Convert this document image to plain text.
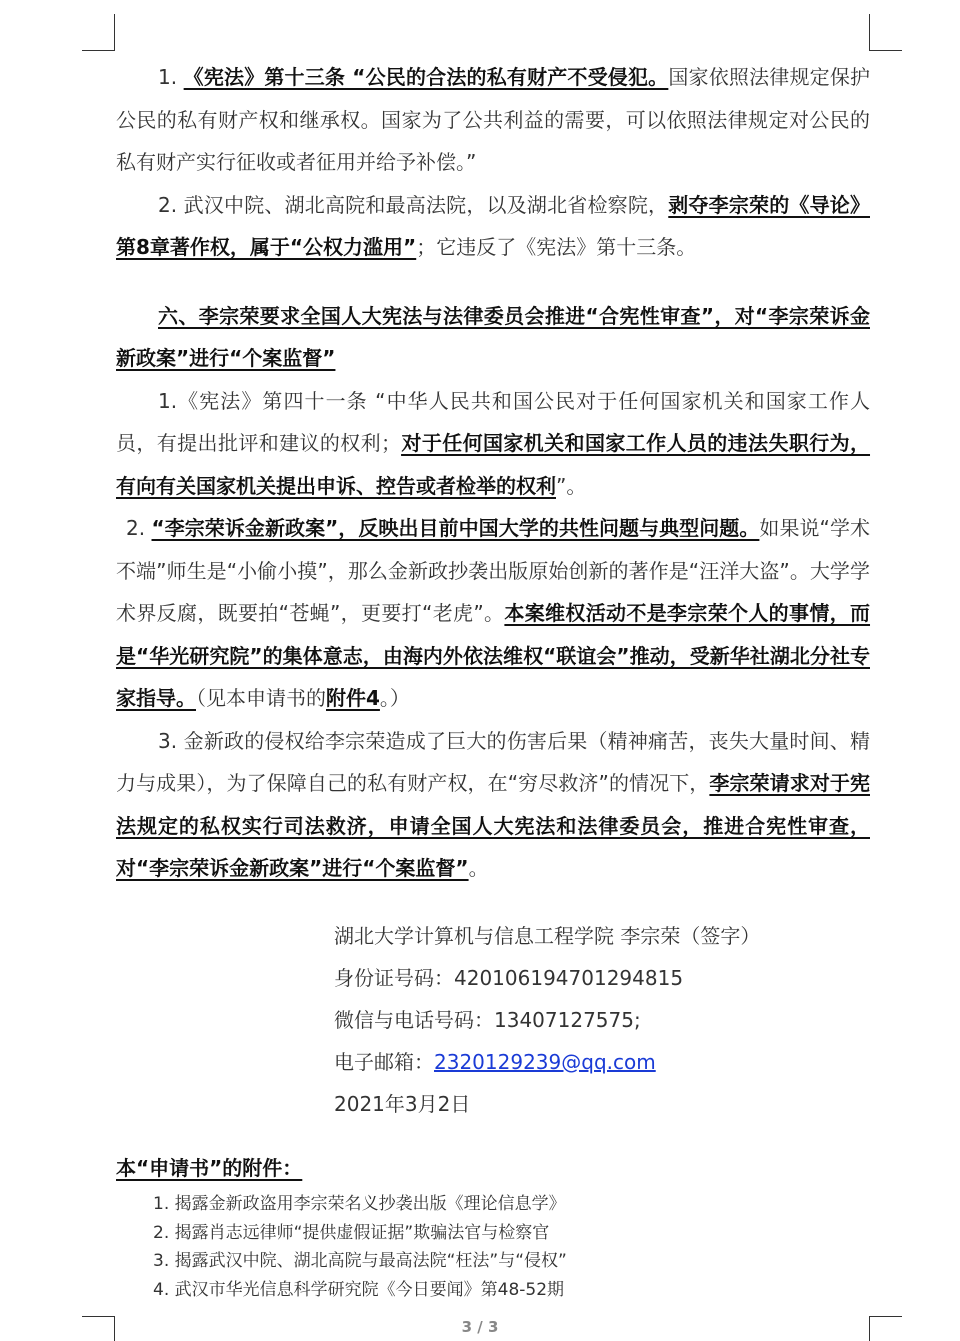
1. 《宪法》第十三条 “公民的合法的私有财产不受侵犯。国家依照法律规定保护公民的私有财产权和继承权。国家为了公共利益的需要，可以依照法律规定对公民的私有财产实行征收或者征用并给予补偿。”

2. 武汉中院、湖北高院和最高法院，以及湖北省检察院，剥夺李宗荣的《导论》第8章著作权，属于“公权力滥用”；它违反了《宪法》第十三条。

六、李宗荣要求全国人大宪法与法律委员会推进“合宪性审查”，对“李宗荣诉金新政案”进行“个案监督”

1.《宪法》第四十一条 “中华人民共和国公民对于任何国家机关和国家工作人员，有提出批评和建议的权利；对于任何国家机关和国家工作人员的违法失职行为，有向有关国家机关提出申诉、控告或者检举的权利”。

2. “李宗荣诉金新政案”，反映出目前中国大学的共性问题与典型问题。如果说“学术不端”师生是“小偷小摸”，那么金新政抄袭出版原始创新的著作是“汪洋大盗”。大学学术界反腐，既要拍“苍蝇”，更要打“老虎”。本案维权活动不是李宗荣个人的事情，而是“华光研究院”的集体意志，由海内外依法维权“联谊会”推动，受新华社湖北分社专家指导。（见本申请书的附件4。）

3. 金新政的侵权给李宗荣造成了巨大的伤害后果（精神痛苦，丧失大量时间、精力与成果），为了保障自己的私有财产权，在“穷尽救济”的情况下，李宗荣请求对于宪法规定的私权实行司法救济，申请全国人大宪法和法律委员会，推进合宪性审查，对“李宗荣诉金新政案”进行“个案监督”。

湖北大学计算机与信息工程学院 李宗荣（签字）

身份证号码：420106194701294815

微信与电话号码：13407127575;

电子邮箱：2320129239@qq.com

2021年3月2日

本“申请书”的附件：
1. 揭露金新政盗用李宗荣名义抄袭出版《理论信息学》
2. 揭露肖志远律师“提供虚假证据”欺骗法官与检察官
3. 揭露武汉中院、湖北高院与最高法院“枉法”与“侵权”
4. 武汉市华光信息科学研究院《今日要闻》第48-52期
3 / 3
